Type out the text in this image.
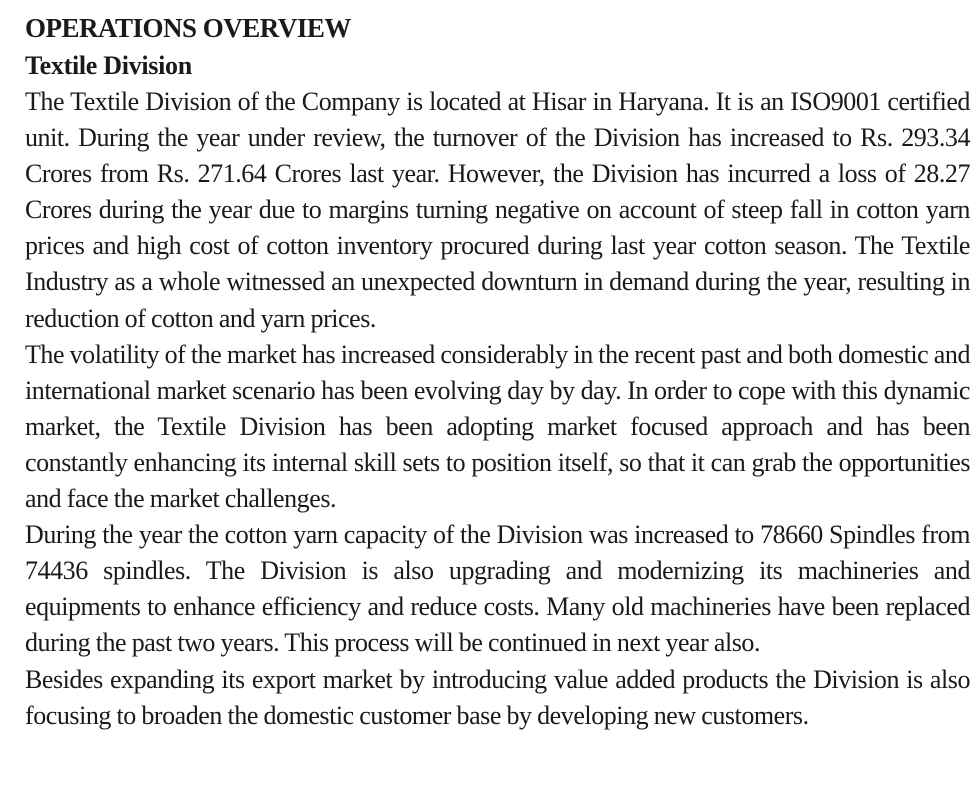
OPERATIONS OVERVIEW
Textile Division

The Textile Division of the Company is located at Hisar in Haryana. It is an ISO9001 certified unit. During the year under review, the turnover of the Division has increased to Rs. 293.34 Crores from Rs. 271.64 Crores last year. However, the Division has incurred a loss of 28.27 Crores during the year due to margins turning negative on account of steep fall in cotton yarn prices and high cost of cotton inventory procured during last year cotton season. The Textile Industry as a whole witnessed an unexpected downturn in demand during the year, resulting in reduction of cotton and yarn prices.

The volatility of the market has increased considerably in the recent past and both domestic and international market scenario has been evolving day by day. In order to cope with this dynamic market, the Textile Division has been adopting market focused approach and has been constantly enhancing its internal skill sets to position itself, so that it can grab the opportunities and face the market challenges.

During the year the cotton yarn capacity of the Division was increased to 78660 Spindles from 74436 spindles. The Division is also upgrading and modernizing its machineries and equipments to enhance efficiency and reduce costs. Many old machineries have been replaced during the past two years. This process will be continued in next year also.

Besides expanding its export market by introducing value added products the Division is also focusing to broaden the domestic customer base by developing new customers.
